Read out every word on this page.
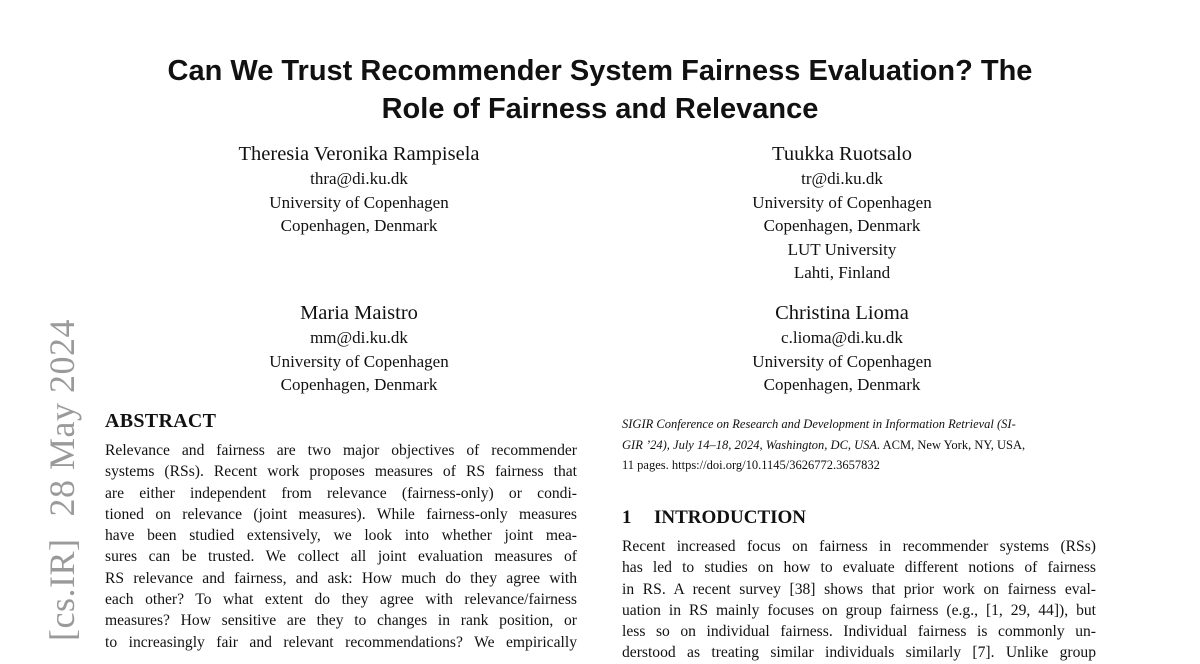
Can We Trust Recommender System Fairness Evaluation? The
Role of Fairness and Relevance
Theresia Veronika Rampisela
thra@di.ku.dk
University of Copenhagen
Copenhagen, Denmark
Tuukka Ruotsalo
tr@di.ku.dk
University of Copenhagen
Copenhagen, Denmark
LUT University
Lahti, Finland
Maria Maistro
mm@di.ku.dk
University of Copenhagen
Copenhagen, Denmark
Christina Lioma
c.lioma@di.ku.dk
University of Copenhagen
Copenhagen, Denmark
[cs.IR]28 May 2024 ABSTRACT
Relevance and fairness are two major objectives of recommender
systems (RSs). Recent work proposes measures of RS fairness that
are either independent from relevance (fairness-only) or condi-
tioned on relevance (joint measures). While fairness-only measures
have been studied extensively, we look into whether joint mea-
sures can be trusted. We collect all joint evaluation measures of
RS relevance and fairness, and ask: How much do they agree with
each other? To what extent do they agree with relevance/fairness
measures? How sensitive are they to changes in rank position, or
to increasingly fair and relevant recommendations? We empirically
SIGIR Conference on Research and Development in Information Retrieval (SI-
GIR ’24), July 14–18, 2024, Washington, DC, USA. ACM, New York, NY, USA,
11 pages. https://doi.org/10.1145/3626772.3657832
1 INTRODUCTION
Recent increased focus on fairness in recommender systems (RSs)
has led to studies on how to evaluate different notions of fairness
in RS. A recent survey [38] shows that prior work on fairness eval-
uation in RS mainly focuses on group fairness (e.g., [1, 29, 44]), but
less so on individual fairness. Individual fairness is commonly un-
derstood as treating similar individuals similarly [7]. Unlike group
